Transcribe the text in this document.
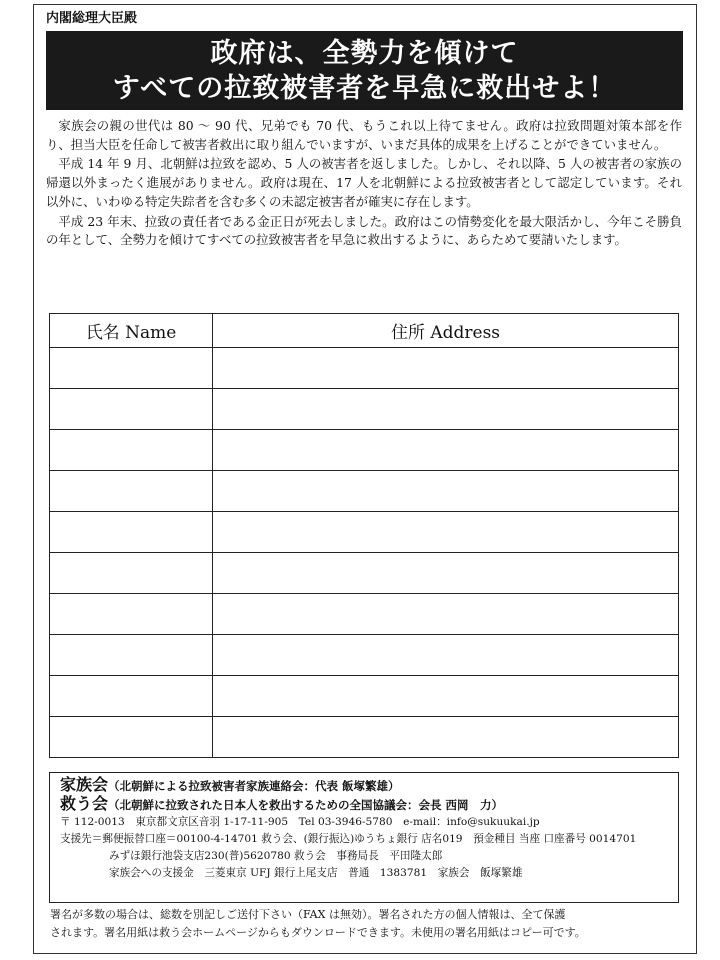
内閣総理大臣殿
政府は、全勢力を傾けて
すべての拉致被害者を早急に救出せよ！

家族会の親の世代は 80 ～ 90 代、兄弟でも 70 代、もうこれ以上待てません。政府は拉致問題対策本部を作り、担当大臣を任命して被害者救出に取り組んでいますが、いまだ具体的成果を上げることができていません。

平成 14 年 9 月、北朝鮮は拉致を認め、5 人の被害者を返しました。しかし、それ以降、5 人の被害者の家族の帰還以外まったく進展がありません。政府は現在、17 人を北朝鮮による拉致被害者として認定しています。それ以外に、いわゆる特定失踪者を含む多くの未認定被害者が確実に存在します。

平成 23 年末、拉致の責任者である金正日が死去しました。政府はこの情勢変化を最大限活かし、今年こそ勝負の年として、全勢力を傾けてすべての拉致被害者を早急に救出するように、あらためて要請いたします。

氏名 Name	住所 Address

家族会（北朝鮮による拉致被害者家族連絡会：代表 飯塚繁雄）
救う会（北朝鮮に拉致された日本人を救出するための全国協議会：会長 西岡　力）
〒 112-0013　東京都文京区音羽 1-17-11-905　Tel 03-3946-5780　e-mail：info@sukuukai.jp
支援先＝郵便振替口座＝00100-4-14701 救う会、(銀行振込)ゆうちょ銀行 店名019　預金種目 当座 口座番号 0014701
みずほ銀行池袋支店230(普)5620780 救う会　事務局長　平田隆太郎
家族会への支援金　三菱東京 UFJ 銀行上尾支店　普通　1383781　家族会　飯塚繁雄
署名が多数の場合は、総数を別記しご送付下さい（FAX は無効）。署名された方の個人情報は、全て保護
されます。署名用紙は救う会ホームページからもダウンロードできます。未使用の署名用紙はコピー可です。
